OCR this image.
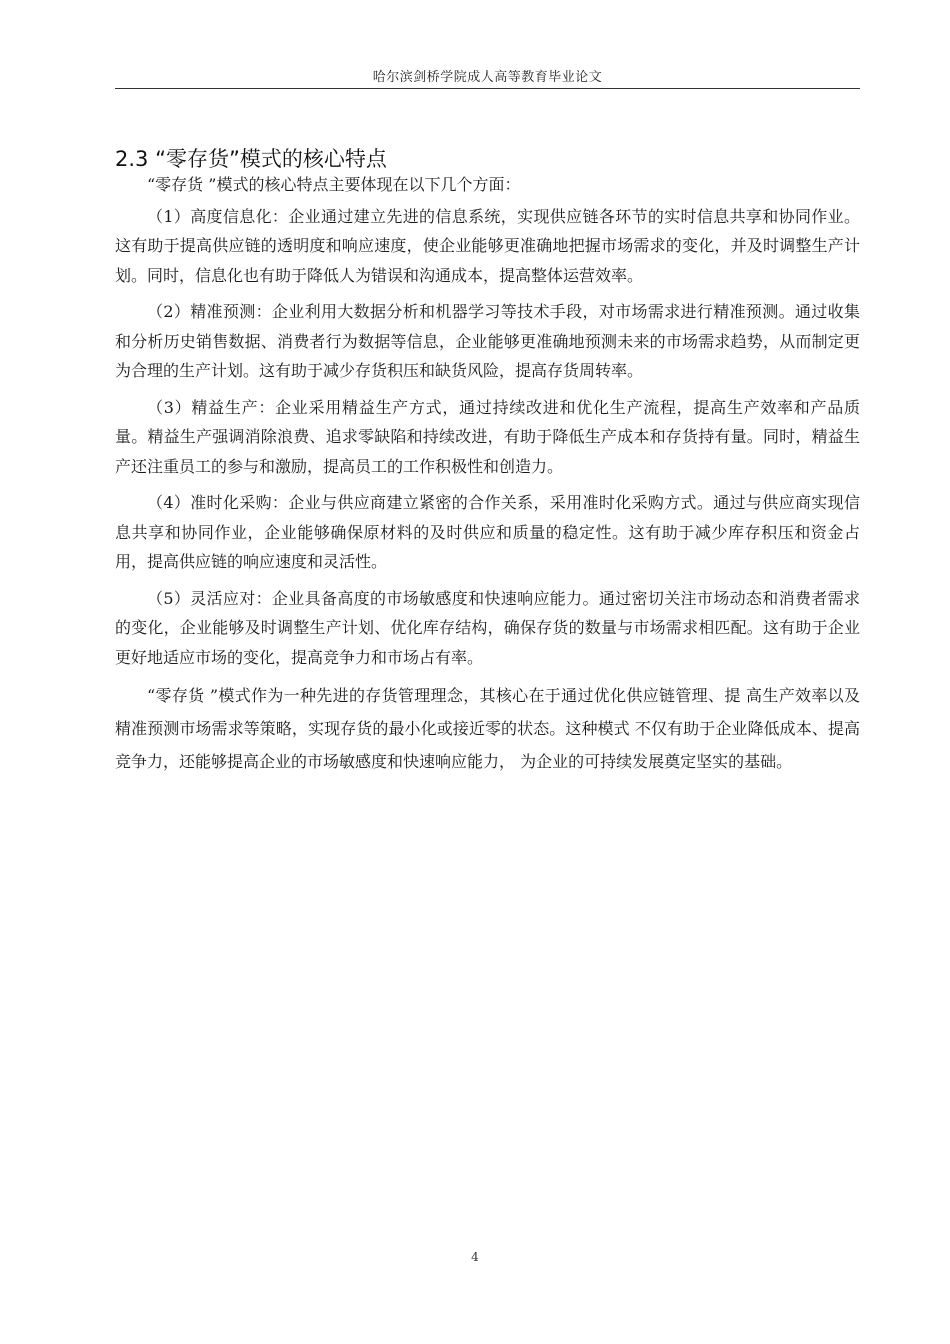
哈尔滨剑桥学院成人高等教育毕业论文
2.3 “零存货”模式的核心特点

“零存货 ”模式的核心特点主要体现在以下几个方面：

（1）高度信息化：企业通过建立先进的信息系统，实现供应链各环节的实时信息共享和协同作业。这有助于提高供应链的透明度和响应速度，使企业能够更准确地把握市场需求的变化，并及时调整生产计划。同时，信息化也有助于降低人为错误和沟通成本，提高整体运营效率。

（2）精准预测：企业利用大数据分析和机器学习等技术手段，对市场需求进行精准预测。通过收集和分析历史销售数据、消费者行为数据等信息，企业能够更准确地预测未来的市场需求趋势，从而制定更为合理的生产计划。这有助于减少存货积压和缺货风险，提高存货周转率。

（3）精益生产：企业采用精益生产方式，通过持续改进和优化生产流程，提高生产效率和产品质量。精益生产强调消除浪费、追求零缺陷和持续改进，有助于降低生产成本和存货持有量。同时，精益生产还注重员工的参与和激励，提高员工的工作积极性和创造力。

（4）准时化采购：企业与供应商建立紧密的合作关系，采用准时化采购方式。通过与供应商实现信息共享和协同作业，企业能够确保原材料的及时供应和质量的稳定性。这有助于减少库存积压和资金占用，提高供应链的响应速度和灵活性。

（5）灵活应对：企业具备高度的市场敏感度和快速响应能力。通过密切关注市场动态和消费者需求的变化，企业能够及时调整生产计划、优化库存结构，确保存货的数量与市场需求相匹配。这有助于企业更好地适应市场的变化，提高竞争力和市场占有率。

“零存货 ”模式作为一种先进的存货管理理念，其核心在于通过优化供应链管理、提 高生产效率以及精准预测市场需求等策略，实现存货的最小化或接近零的状态。这种模式 不仅有助于企业降低成本、提高竞争力，还能够提高企业的市场敏感度和快速响应能力， 为企业的可持续发展奠定坚实的基础。

4
